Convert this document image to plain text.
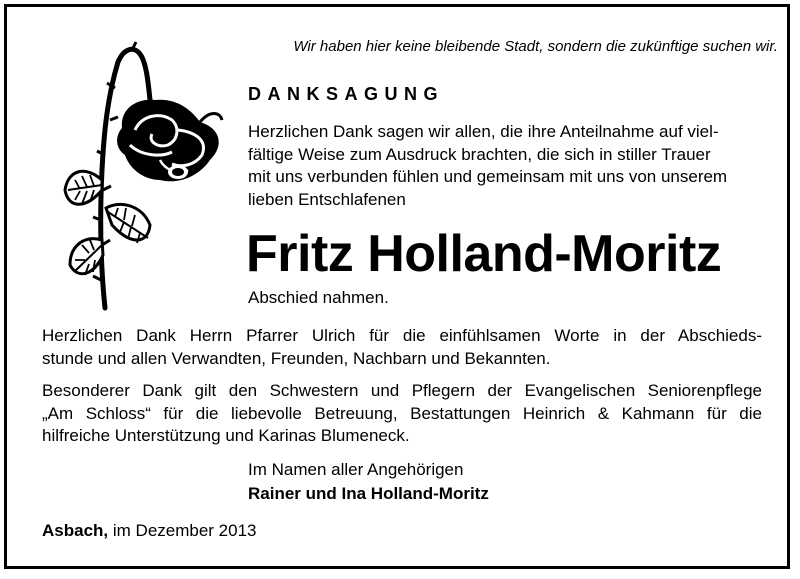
Wir haben hier keine bleibende Stadt, sondern die zukünftige suchen wir.
DANKSAGUNG
Herzlichen Dank sagen wir allen, die ihre Anteilnahme auf viel-
fältige Weise zum Ausdruck brachten, die sich in stiller Trauer
mit uns verbunden fühlen und gemeinsam mit uns von unserem
lieben Entschlafenen
Fritz Holland-Moritz
Abschied nahmen.
Herzlichen Dank Herrn Pfarrer Ulrich für die einfühlsamen Worte in der Abschieds-
stunde und allen Verwandten, Freunden, Nachbarn und Bekannten.
Besonderer Dank gilt den Schwestern und Pflegern der Evangelischen Seniorenpflege
„Am Schloss“ für die liebevolle Betreuung, Bestattungen Heinrich & Kahmann für die
hilfreiche Unterstützung und Karinas Blumeneck.
Im Namen aller Angehörigen
Rainer und Ina Holland-Moritz
Asbach, im Dezember 2013
